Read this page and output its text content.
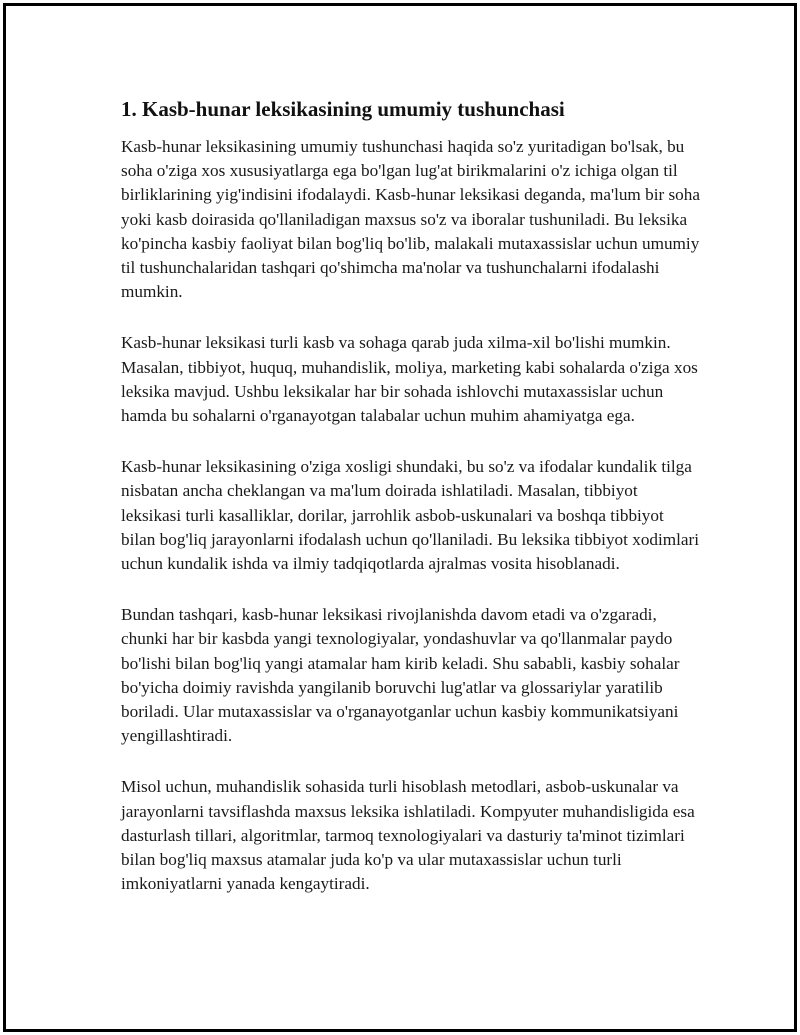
1. Kasb-hunar leksikasining umumiy tushunchasi

Kasb-hunar leksikasining umumiy tushunchasi haqida so'z yuritadigan bo'lsak, bu soha o'ziga xos xususiyatlarga ega bo'lgan lug'at birikmalarini o'z ichiga olgan til birliklarining yig'indisini ifodalaydi. Kasb-hunar leksikasi deganda, ma'lum bir soha yoki kasb doirasida qo'llaniladigan maxsus so'z va iboralar tushuniladi. Bu leksika ko'pincha kasbiy faoliyat bilan bog'liq bo'lib, malakali mutaxassislar uchun umumiy til tushunchalaridan tashqari qo'shimcha ma'nolar va tushunchalarni ifodalashi mumkin.

Kasb-hunar leksikasi turli kasb va sohaga qarab juda xilma-xil bo'lishi mumkin. Masalan, tibbiyot, huquq, muhandislik, moliya, marketing kabi sohalarda o'ziga xos leksika mavjud. Ushbu leksikalar har bir sohada ishlovchi mutaxassislar uchun hamda bu sohalarni o'rganayotgan talabalar uchun muhim ahamiyatga ega.

Kasb-hunar leksikasining o'ziga xosligi shundaki, bu so'z va ifodalar kundalik tilga nisbatan ancha cheklangan va ma'lum doirada ishlatiladi. Masalan, tibbiyot leksikasi turli kasalliklar, dorilar, jarrohlik asbob-uskunalari va boshqa tibbiyot bilan bog'liq jarayonlarni ifodalash uchun qo'llaniladi. Bu leksika tibbiyot xodimlari uchun kundalik ishda va ilmiy tadqiqotlarda ajralmas vosita hisoblanadi.

Bundan tashqari, kasb-hunar leksikasi rivojlanishda davom etadi va o'zgaradi, chunki har bir kasbda yangi texnologiyalar, yondashuvlar va qo'llanmalar paydo bo'lishi bilan bog'liq yangi atamalar ham kirib keladi. Shu sababli, kasbiy sohalar bo'yicha doimiy ravishda yangilanib boruvchi lug'atlar va glossariylar yaratilib boriladi. Ular mutaxassislar va o'rganayotganlar uchun kasbiy kommunikatsiyani yengillashtiradi.

Misol uchun, muhandislik sohasida turli hisoblash metodlari, asbob-uskunalar va jarayonlarni tavsiflashda maxsus leksika ishlatiladi. Kompyuter muhandisligida esa dasturlash tillari, algoritmlar, tarmoq texnologiyalari va dasturiy ta'minot tizimlari bilan bog'liq maxsus atamalar juda ko'p va ular mutaxassislar uchun turli imkoniyatlarni yanada kengaytiradi.
